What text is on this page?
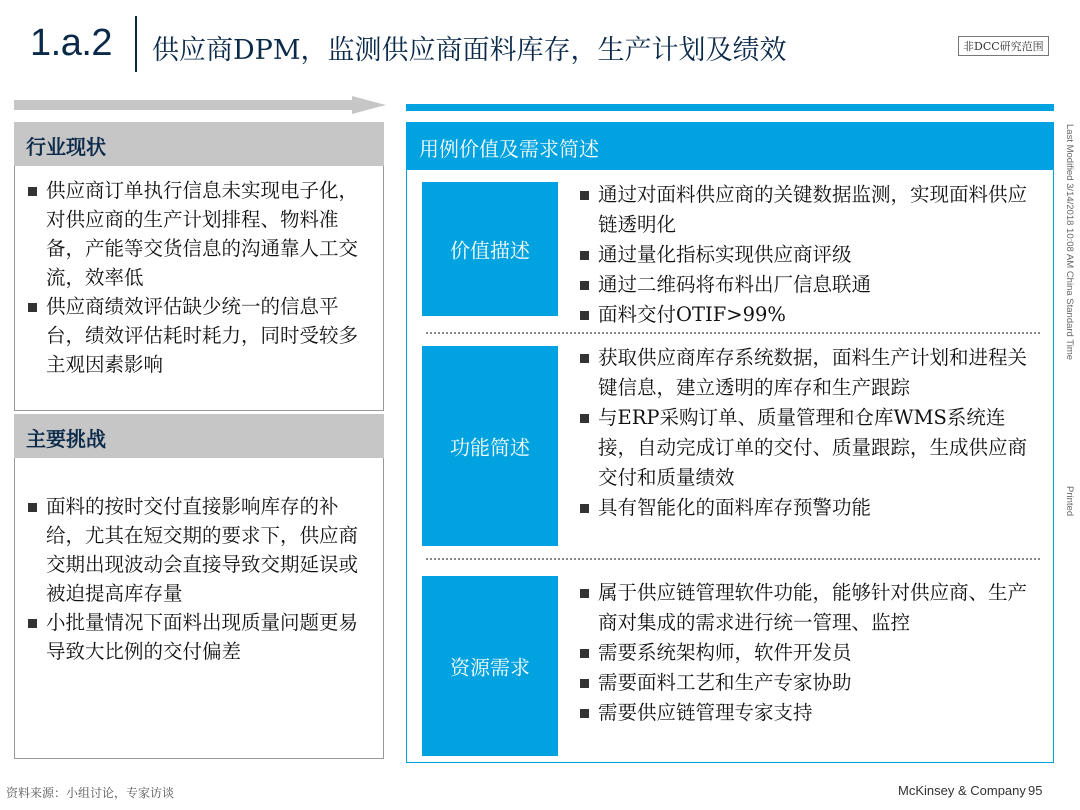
1.a.2 供应商DPM，监测供应商面料库存，生产计划及绩效	非DCC研究范围
行业现状
供应商订单执行信息未实现电子化，对供应商的生产计划排程、物料准备，产能等交货信息的沟通靠人工交流，效率低
供应商绩效评估缺少统一的信息平台，绩效评估耗时耗力，同时受较多主观因素影响
主要挑战
面料的按时交付直接影响库存的补给，尤其在短交期的要求下，供应商交期出现波动会直接导致交期延误或被迫提高库存量
小批量情况下面料出现质量问题更易导致大比例的交付偏差
用例价值及需求简述
价值描述
通过对面料供应商的关键数据监测，实现面料供应链透明化
通过量化指标实现供应商评级
通过二维码将布料出厂信息联通
面料交付OTIF>99%
功能简述
获取供应商库存系统数据，面料生产计划和进程关键信息，建立透明的库存和生产跟踪
与ERP采购订单、质量管理和仓库WMS系统连接，自动完成订单的交付、质量跟踪，生成供应商交付和质量绩效
具有智能化的面料库存预警功能
资源需求
属于供应链管理软件功能，能够针对供应商、生产商对集成的需求进行统一管理、监控
需要系统架构师，软件开发员
需要面料工艺和生产专家协助
需要供应链管理专家支持
Last Modified 3/14/2018 10:08 AM China Standard Time
Printed
资料来源：小组讨论，专家访谈	McKinsey & Company 95
